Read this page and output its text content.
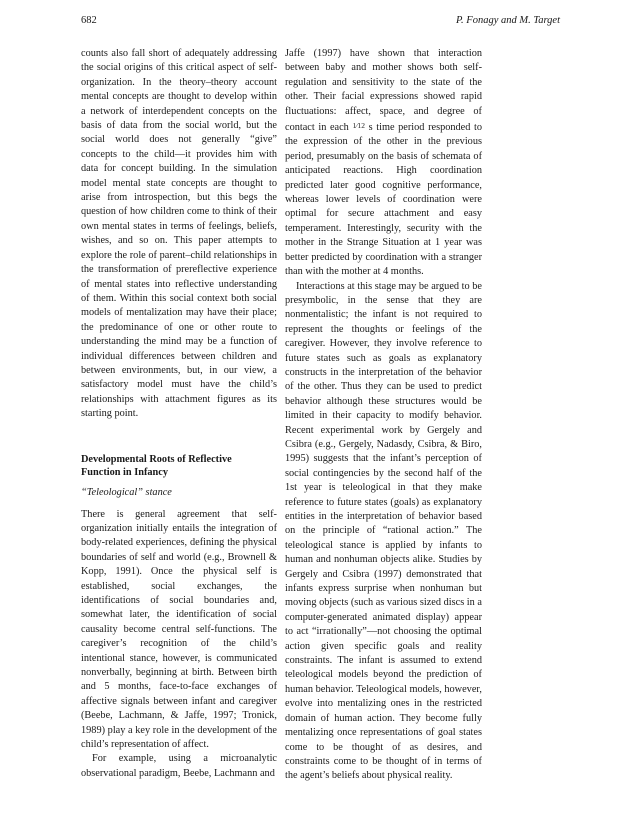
682	P. Fonagy and M. Target

counts also fall short of adequately addressing the social origins of this critical aspect of self-organization. In the theory–theory account mental concepts are thought to develop within a network of interdependent concepts on the basis of data from the social world, but the social world does not generally “give” concepts to the child—it provides him with data for concept building. In the simulation model mental state concepts are thought to arise from introspection, but this begs the question of how children come to think of their own mental states in terms of feelings, beliefs, wishes, and so on. This paper attempts to explore the role of parent–child relationships in the transformation of prereflective experience of mental states into reflective understanding of them. Within this social context both social models of mentalization may have their place; the predominance of one or other route to understanding the mind may be a function of individual differences between children and between environments, but, in our view, a satisfactory model must have the child’s relationships with attachment figures as its starting point.

Developmental Roots of Reflective
Function in Infancy
“Teleological” stance

There is general agreement that self-organization initially entails the integration of body-related experiences, defining the physical boundaries of self and world (e.g., Brownell & Kopp, 1991). Once the physical self is established, social exchanges, the identifications of social boundaries and, somewhat later, the identification of social causality become central self-functions. The caregiver’s recognition of the child’s intentional stance, however, is communicated nonverbally, beginning at birth. Between birth and 5 months, face-to-face exchanges of affective signals between infant and caregiver (Beebe, Lachmann, & Jaffe, 1997; Tronick, 1989) play a key role in the development of the child’s representation of affect.

For example, using a microanalytic observational paradigm, Beebe, Lachmann and

Jaffe (1997) have shown that interaction between baby and mother shows both self-regulation and sensitivity to the state of the other. Their facial expressions showed rapid fluctuations: affect, space, and degree of contact in each 1⁄12 s time period responded to the expression of the other in the previous period, presumably on the basis of schemata of anticipated reactions. High coordination predicted later good cognitive performance, whereas lower levels of coordination were optimal for secure attachment and easy temperament. Interestingly, security with the mother in the Strange Situation at 1 year was better predicted by coordination with a stranger than with the mother at 4 months.

Interactions at this stage may be argued to be presymbolic, in the sense that they are nonmentalistic; the infant is not required to represent the thoughts or feelings of the caregiver. However, they involve reference to future states such as goals as explanatory constructs in the interpretation of the behavior of the other. Thus they can be used to predict behavior although these structures would be limited in their capacity to modify behavior. Recent experimental work by Gergely and Csibra (e.g., Gergely, Nadasdy, Csibra, & Biro, 1995) suggests that the infant’s perception of social contingencies by the second half of the 1st year is teleological in that they make reference to future states (goals) as explanatory entities in the interpretation of behavior based on the principle of “rational action.” The teleological stance is applied by infants to human and nonhuman objects alike. Studies by Gergely and Csibra (1997) demonstrated that infants express surprise when nonhuman but moving objects (such as various sized discs in a computer-generated animated display) appear to act “irrationally”—not choosing the optimal action given specific goals and reality constraints. The infant is assumed to extend teleological models beyond the prediction of human behavior. Teleological models, however, evolve into mentalizing ones in the restricted domain of human action. They become fully mentalizing once representations of goal states come to be thought of as desires, and constraints come to be thought of in terms of the agent’s beliefs about physical reality.
